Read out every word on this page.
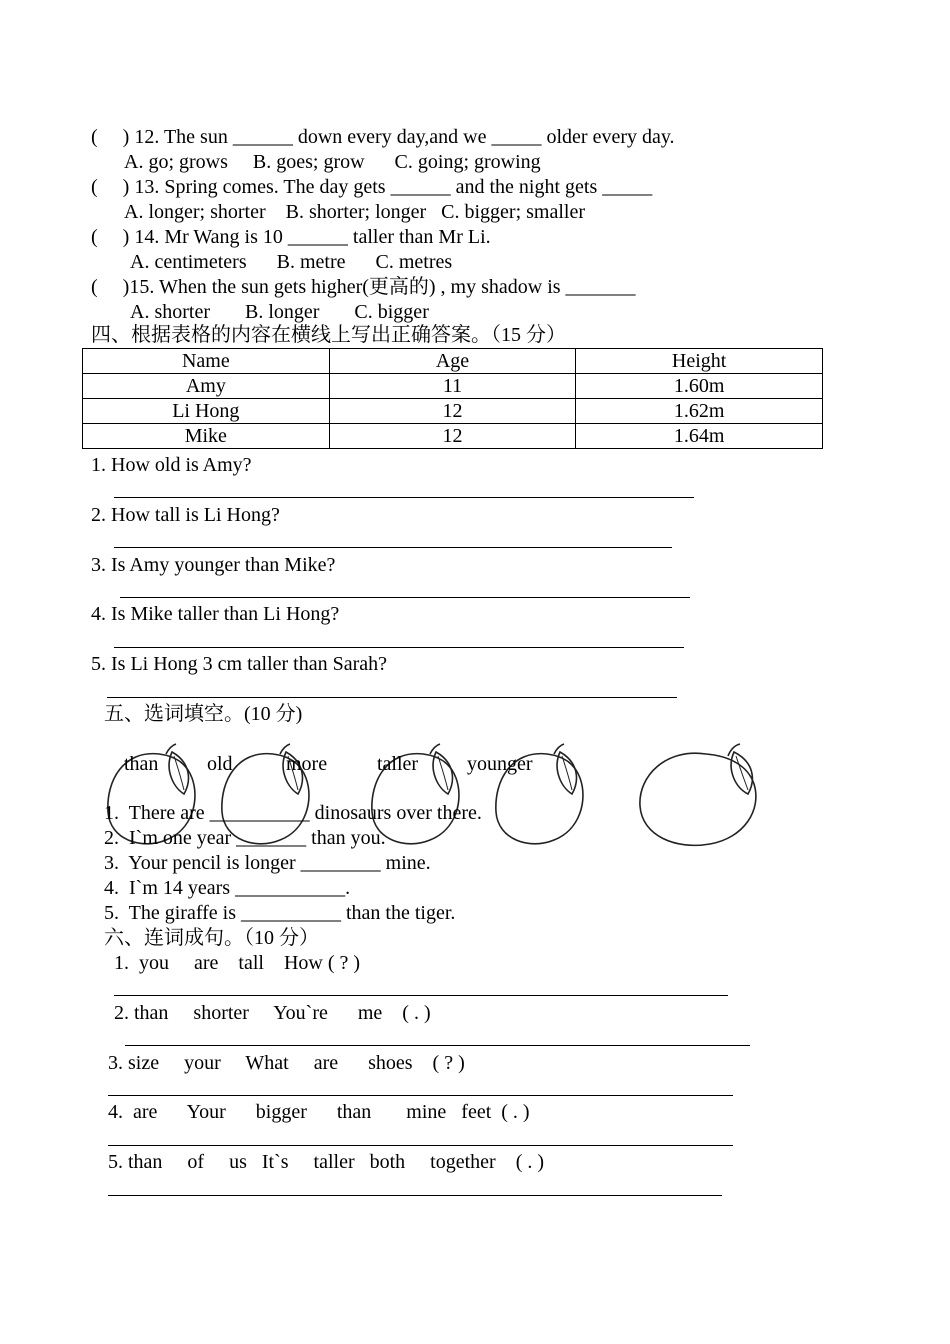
(     ) 12. The sun ______ down every day,and we _____ older every day.
A. go; grows     B. goes; grow      C. going; growing
(     ) 13. Spring comes. The day gets ______ and the night gets _____
A. longer; shorter    B. shorter; longer   C. bigger; smaller
(     ) 14. Mr Wang is 10 ______ taller than Mr Li.
A. centimeters      B. metre      C. metres
(     )15. When the sun gets higher(更高的) , my shadow is _______
A. shorter       B. longer       C. bigger
四、根据表格的内容在横线上写出正确答案。（15 分）
Name	Age	Height
Amy	11	1.60m
Li Hong	12	1.62m
Mike	12	1.64m
1. How old is Amy?
2. How tall is Li Hong?
3. Is Amy younger than Mike?
4. Is Mike taller than Li Hong?
5. Is Li Hong 3 cm taller than Sarah?
五、选词填空。(10 分)
than old	more taller younger
1.  There are __________ dinosaurs over there.
2.  I`m one year _______ than you.
3.  Your pencil is longer ________ mine.
4.  I`m 14 years ___________.
5.  The giraffe is __________ than the tiger.
六、连词成句。（10 分）
1.  you     are    tall    How ( ? )
2. than     shorter     You`re      me    ( . )
3. size     your     What     are      shoes    ( ? )
4.  are      Your      bigger      than       mine   feet  ( . )
5. than     of     us   It`s     taller   both     together    ( . )
